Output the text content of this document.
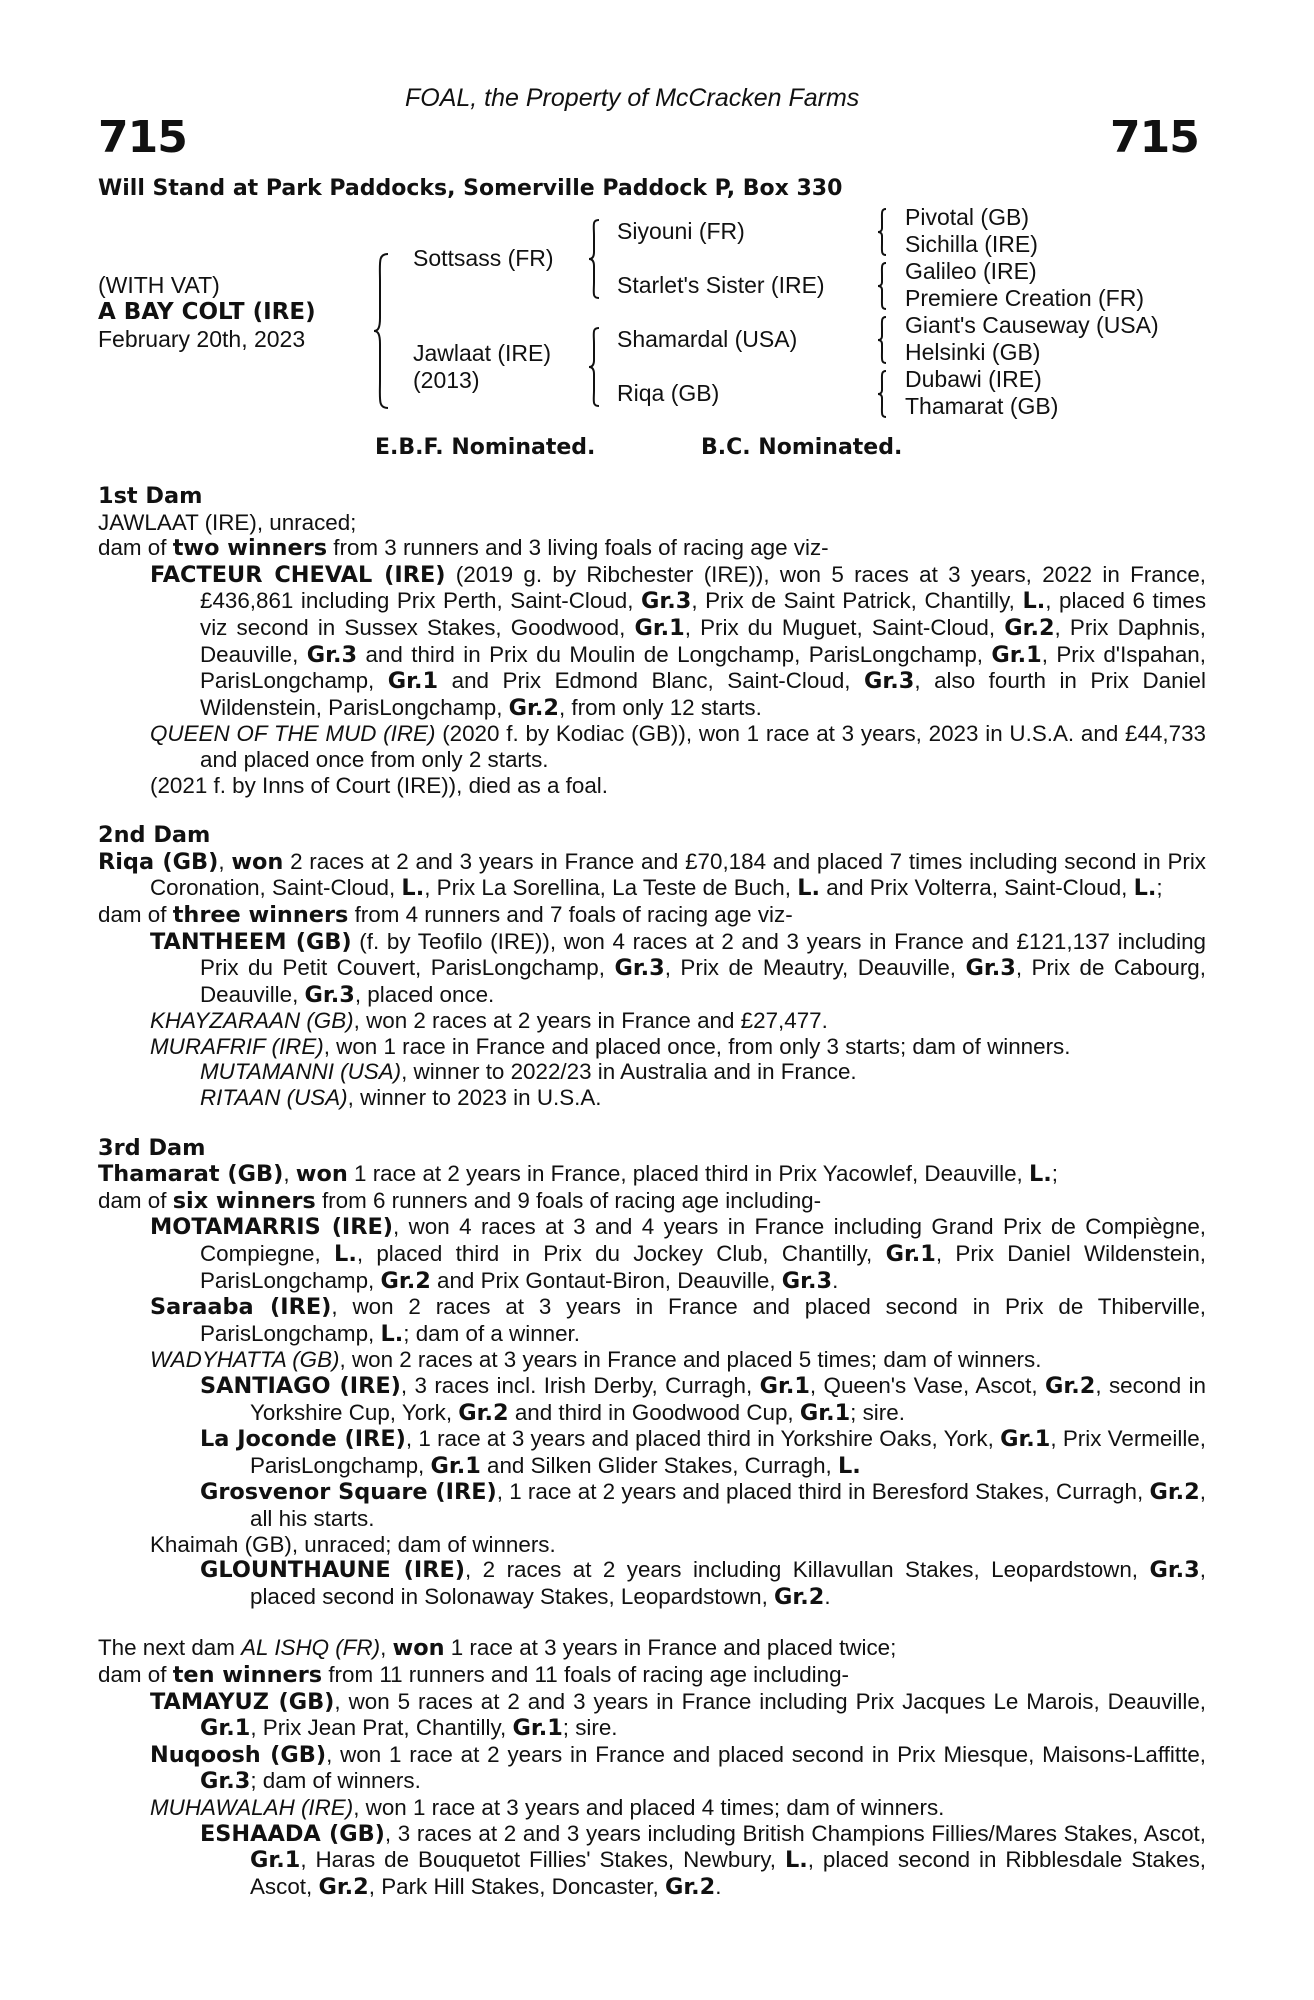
FOAL, the Property of McCracken Farms
715	715
Will Stand at Park Paddocks, Somerville Paddock P, Box 330
(WITH VAT)
A BAY COLT (IRE)
February 20th, 2023
Sottsass (FR)
Jawlaat (IRE)
(2013)
Siyouni (FR)
Starlet's Sister (IRE)
Shamardal (USA)
Riqa (GB)
Pivotal (GB)
Sichilla (IRE)
Galileo (IRE)
Premiere Creation (FR)
Giant's Causeway (USA)
Helsinki (GB)
Dubawi (IRE)
Thamarat (GB)
E.B.F. Nominated.	B.C. Nominated.

1st Dam

JAWLAAT (IRE), unraced;

dam of two winners from 3 runners and 3 living foals of racing age viz-

FACTEUR CHEVAL (IRE) (2019 g. by Ribchester (IRE)), won 5 races at 3 years, 2022 in France, £436,861 including Prix Perth, Saint-Cloud, Gr.3, Prix de Saint Patrick, Chantilly, L., placed 6 times viz second in Sussex Stakes, Goodwood, Gr.1, Prix du Muguet, Saint-Cloud, Gr.2, Prix Daphnis, Deauville, Gr.3 and third in Prix du Moulin de Longchamp, ParisLongchamp, Gr.1, Prix d'Ispahan, ParisLongchamp, Gr.1 and Prix Edmond Blanc, Saint-Cloud, Gr.3, also fourth in Prix Daniel Wildenstein, ParisLongchamp, Gr.2, from only 12 starts.

QUEEN OF THE MUD (IRE) (2020 f. by Kodiac (GB)), won 1 race at 3 years, 2023 in U.S.A. and £44,733 and placed once from only 2 starts.

(2021 f. by Inns of Court (IRE)), died as a foal.

2nd Dam

Riqa (GB), won 2 races at 2 and 3 years in France and £70,184 and placed 7 times including second in Prix Coronation, Saint-Cloud, L., Prix La Sorellina, La Teste de Buch, L. and Prix Volterra, Saint-Cloud, L.;

dam of three winners from 4 runners and 7 foals of racing age viz-

TANTHEEM (GB) (f. by Teofilo (IRE)), won 4 races at 2 and 3 years in France and £121,137 including Prix du Petit Couvert, ParisLongchamp, Gr.3, Prix de Meautry, Deauville, Gr.3, Prix de Cabourg, Deauville, Gr.3, placed once.

KHAYZARAAN (GB), won 2 races at 2 years in France and £27,477.

MURAFRIF (IRE), won 1 race in France and placed once, from only 3 starts; dam of winners.

MUTAMANNI (USA), winner to 2022/23 in Australia and in France.

RITAAN (USA), winner to 2023 in U.S.A.

3rd Dam

Thamarat (GB), won 1 race at 2 years in France, placed third in Prix Yacowlef, Deauville, L.;

dam of six winners from 6 runners and 9 foals of racing age including-

MOTAMARRIS (IRE), won 4 races at 3 and 4 years in France including Grand Prix de Compiègne, Compiegne, L., placed third in Prix du Jockey Club, Chantilly, Gr.1, Prix Daniel Wildenstein, ParisLongchamp, Gr.2 and Prix Gontaut-Biron, Deauville, Gr.3.

Saraaba (IRE), won 2 races at 3 years in France and placed second in Prix de Thiberville, ParisLongchamp, L.; dam of a winner.

WADYHATTA (GB), won 2 races at 3 years in France and placed 5 times; dam of winners.

SANTIAGO (IRE), 3 races incl. Irish Derby, Curragh, Gr.1, Queen's Vase, Ascot, Gr.2, second in Yorkshire Cup, York, Gr.2 and third in Goodwood Cup, Gr.1; sire.

La Joconde (IRE), 1 race at 3 years and placed third in Yorkshire Oaks, York, Gr.1, Prix Vermeille, ParisLongchamp, Gr.1 and Silken Glider Stakes, Curragh, L.

Grosvenor Square (IRE), 1 race at 2 years and placed third in Beresford Stakes, Curragh, Gr.2, all his starts.

Khaimah (GB), unraced; dam of winners.

GLOUNTHAUNE (IRE), 2 races at 2 years including Killavullan Stakes, Leopardstown, Gr.3, placed second in Solonaway Stakes, Leopardstown, Gr.2.

The next dam AL ISHQ (FR), won 1 race at 3 years in France and placed twice;

dam of ten winners from 11 runners and 11 foals of racing age including-

TAMAYUZ (GB), won 5 races at 2 and 3 years in France including Prix Jacques Le Marois, Deauville, Gr.1, Prix Jean Prat, Chantilly, Gr.1; sire.

Nuqoosh (GB), won 1 race at 2 years in France and placed second in Prix Miesque, Maisons-Laffitte, Gr.3; dam of winners.

MUHAWALAH (IRE), won 1 race at 3 years and placed 4 times; dam of winners.

ESHAADA (GB), 3 races at 2 and 3 years including British Champions Fillies/Mares Stakes, Ascot, Gr.1, Haras de Bouquetot Fillies' Stakes, Newbury, L., placed second in Ribblesdale Stakes, Ascot, Gr.2, Park Hill Stakes, Doncaster, Gr.2.
